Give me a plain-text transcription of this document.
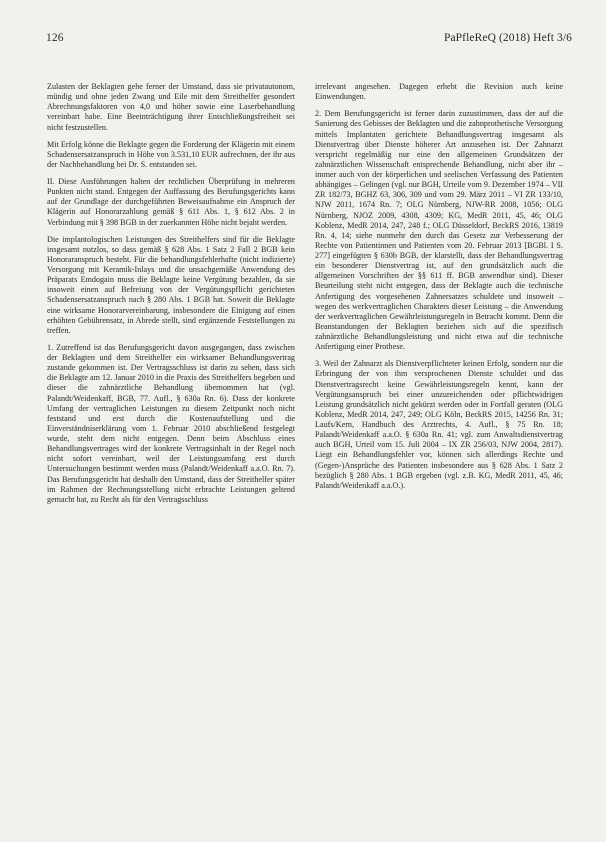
126	PaPfleReQ (2018) Heft 3/6

Zulasten der Beklagten gehe ferner der Umstand, dass sie privatautonom, mündig und ohne jeden Zwang und Eile mit dem Streithelfer gesondert Abrechnungsfaktoren von 4,0 und höher sowie eine Laserbehandlung vereinbart habe. Eine Beeinträchtigung ihrer Entschließungsfreiheit sei nicht festzustellen.

Mit Erfolg könne die Beklagte gegen die Forderung der Klägerin mit einem Schadensersatzanspruch in Höhe von 3.531,10 EUR aufrechnen, der ihr aus der Nachbehandlung bei Dr. S. entstanden sei.

II. Diese Ausführungen halten der rechtlichen Überprüfung in mehreren Punkten nicht stand. Entgegen der Auffassung des Berufungsgerichts kann auf der Grundlage der durchgeführten Beweisaufnahme ein Anspruch der Klägerin auf Honorarzahlung gemäß § 611 Abs. 1, § 612 Abs. 2 in Verbindung mit § 398 BGB in der zuerkannten Höhe nicht bejaht werden.

Die implantologischen Leistungen des Streithelfers sind für die Beklagte insgesamt nutzlos, so dass gemäß § 628 Abs. 1 Satz 2 Fall 2 BGB kein Honoraranspruch besteht. Für die behandlungsfehlerhafte (nicht indizierte) Versorgung mit Keramik-Inlays und die unsachgemäße Anwendung des Präparats Emdogain muss die Beklagte keine Vergütung bezahlen, da sie insoweit einen auf Befreiung von der Vergütungspflicht gerichteten Schadensersatzanspruch nach § 280 Abs. 1 BGB hat. Soweit die Beklagte eine wirksame Honorarvereinbarung, insbesondere die Einigung auf einen erhöhten Gebührensatz, in Abrede stellt, sind ergänzende Feststellungen zu treffen.

1. Zutreffend ist das Berufungsgericht davon ausgegangen, dass zwischen der Beklagten und dem Streithelfer ein wirksamer Behandlungsvertrag zustande gekommen ist. Der Vertragsschluss ist darin zu sehen, dass sich die Beklagte am 12. Januar 2010 in die Praxis des Streithelfers begeben und dieser die zahnärztliche Behandlung übernommen hat (vgl. Palandt/Weidenkaff, BGB, 77. Aufl., § 630a Rn. 6). Dass der konkrete Umfang der vertraglichen Leistungen zu diesem Zeitpunkt noch nicht feststand und erst durch die Kostenaufstellung und die Einverständniserklärung vom 1. Februar 2010 abschließend festgelegt wurde, steht dem nicht entgegen. Denn beim Abschluss eines Behandlungsvertrages wird der konkrete Vertragsinhalt in der Regel noch nicht sofort vereinbart, weil der Leistungsumfang erst durch Untersuchungen bestimmt werden muss (Palandt/Weidenkaff a.a.O. Rn. 7). Das Berufungsgericht hat deshalb den Umstand, dass der Streithelfer später im Rahmen der Rechnungsstellung nicht erbrachte Leistungen geltend gemacht hat, zu Recht als für den Vertragsschluss

irrelevant angesehen. Dagegen erhebt die Revision auch keine Einwendungen.

2. Dem Berufungsgericht ist ferner darin zuzustimmen, dass der auf die Sanierung des Gebisses der Beklagten und die zahnprothetische Versorgung mittels Implantaten gerichtete Behandlungsvertrag insgesamt als Dienstvertrag über Dienste höherer Art anzusehen ist. Der Zahnarzt verspricht regelmäßig nur eine den allgemeinen Grundsätzen der zahnärztlichen Wissenschaft entsprechende Behandlung, nicht aber ihr – immer auch von der körperlichen und seelischen Verfassung des Patienten abhängiges – Gelingen (vgl. nur BGH, Urteile vom 9. Dezember 1974 – VII ZR 182/73, BGHZ 63, 306, 309 und vom 29. März 2011 – VI ZR 133/10, NJW 2011, 1674 Rn. 7; OLG Nürnberg, NJW-RR 2008, 1056; OLG Nürnberg, NJOZ 2009, 4308, 4309; KG, MedR 2011, 45, 46; OLG Koblenz, MedR 2014, 247, 248 f.; OLG Düsseldorf, BeckRS 2016, 13819 Rn. 4, 14; siehe nunmehr den durch das Gesetz zur Verbesserung der Rechte von Patientinnen und Patienten vom 20. Februar 2013 [BGBl. I S. 277] eingefügten § 630b BGB, der klarstellt, dass der Behandlungsvertrag ein besonderer Dienstvertrag ist, auf den grundsätzlich auch die allgemeinen Vorschriften der §§ 611 ff. BGB anwendbar sind). Dieser Beurteilung steht nicht entgegen, dass der Beklagte auch die technische Anfertigung des vorgesehenen Zahnersatzes schuldete und insoweit – wegen des werkvertraglichen Charakters dieser Leistung – die Anwendung der werkvertraglichen Gewährleistungsregeln in Betracht kommt. Denn die Beanstandungen der Beklagten beziehen sich auf die spezifisch zahnärztliche Behandlungsleistung und nicht etwa auf die technische Anfertigung einer Prothese.

3. Weil der Zahnarzt als Dienstverpflichteter keinen Erfolg, sondern nur die Erbringung der von ihm versprochenen Dienste schuldet und das Dienstvertragsrecht keine Gewährleistungsregeln kennt, kann der Vergütungsanspruch bei einer unzureichenden oder pflichtwidrigen Leistung grundsätzlich nicht gekürzt werden oder in Fortfall geraten (OLG Koblenz, MedR 2014, 247, 249; OLG Köln, BeckRS 2015, 14256 Rn. 31; Laufs/Kern, Handbuch des Arztrechts, 4. Aufl., § 75 Rn. 18; Palandt/Weidenkaff a.a.O. § 630a Rn. 41; vgl. zum Anwaltsdienstvertrag auch BGH, Urteil vom 15. Juli 2004 – IX ZR 256/03, NJW 2004, 2817). Liegt ein Behandlungsfehler vor, können sich allerdings Rechte und (Gegen-)Ansprüche des Patienten insbesondere aus § 628 Abs. 1 Satz 2 bezüglich § 280 Abs. 1 BGB ergeben (vgl. z.B. KG, MedR 2011, 45, 46; Palandt/Weidenkaff a.a.O.).
